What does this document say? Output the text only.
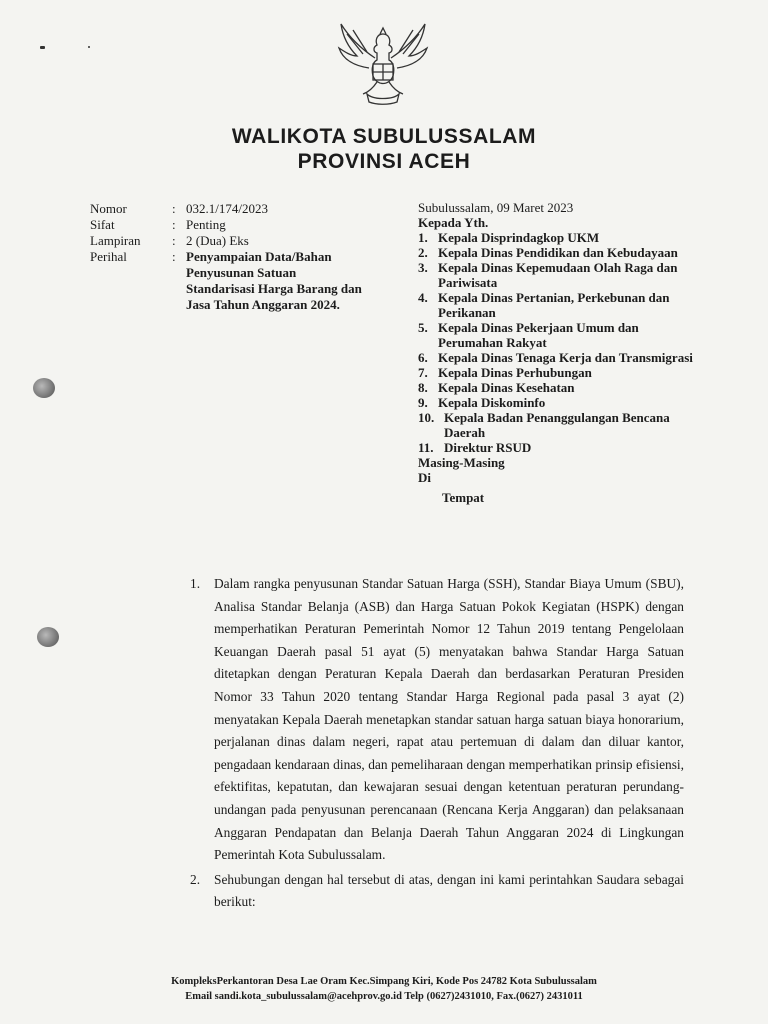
WALIKOTA SUBULUSSALAM
PROVINSI ACEH
Nomor	: 032.1/174/2023
Sifat	: Penting
Lampiran	: 2 (Dua) Eks
Perihal	: Penyampaian Data/Bahan Penyusunan Satuan Standarisasi Harga Barang dan Jasa Tahun Anggaran 2024.
Subulussalam, 09 Maret 2023
Kepada Yth.
1. Kepala Disprindagkop UKM
2. Kepala Dinas Pendidikan dan Kebudayaan
3. Kepala Dinas Kepemudaan Olah Raga dan Pariwisata
4. Kepala Dinas Pertanian, Perkebunan dan Perikanan
5. Kepala Dinas Pekerjaan Umum dan Perumahan Rakyat
6. Kepala Dinas Tenaga Kerja dan Transmigrasi
7. Kepala Dinas Perhubungan
8. Kepala Dinas Kesehatan
9. Kepala Diskominfo
10. Kepala Badan Penanggulangan Bencana Daerah
11. Direktur RSUD
Masing-Masing
Di
Tempat
1.	Dalam rangka penyusunan Standar Satuan Harga (SSH), Standar Biaya Umum (SBU), Analisa Standar Belanja (ASB) dan Harga Satuan Pokok Kegiatan (HSPK) dengan memperhatikan Peraturan Pemerintah Nomor 12 Tahun 2019 tentang Pengelolaan Keuangan Daerah pasal 51 ayat (5) menyatakan bahwa Standar Harga Satuan ditetapkan dengan Peraturan Kepala Daerah dan berdasarkan Peraturan Presiden Nomor 33 Tahun 2020 tentang Standar Harga Regional pada pasal 3 ayat (2) menyatakan Kepala Daerah menetapkan standar satuan harga satuan biaya honorarium, perjalanan dinas dalam negeri, rapat atau pertemuan di dalam dan diluar kantor, pengadaan kendaraan dinas, dan pemeliharaan dengan memperhatikan prinsip efisiensi, efektifitas, kepatutan, dan kewajaran sesuai dengan ketentuan peraturan perundang-undangan pada penyusunan perencanaan (Rencana Kerja Anggaran) dan pelaksanaan Anggaran Pendapatan dan Belanja Daerah Tahun Anggaran 2024 di Lingkungan Pemerintah Kota Subulussalam.
2.	Sehubungan dengan hal tersebut di atas, dengan ini kami perintahkan Saudara sebagai berikut:
KompleksPerkantoran Desa Lae Oram Kec.Simpang Kiri, Kode Pos 24782 Kota Subulussalam
Email sandi.kota_subulussalam@acehprov.go.id Telp (0627)2431010, Fax.(0627) 2431011
